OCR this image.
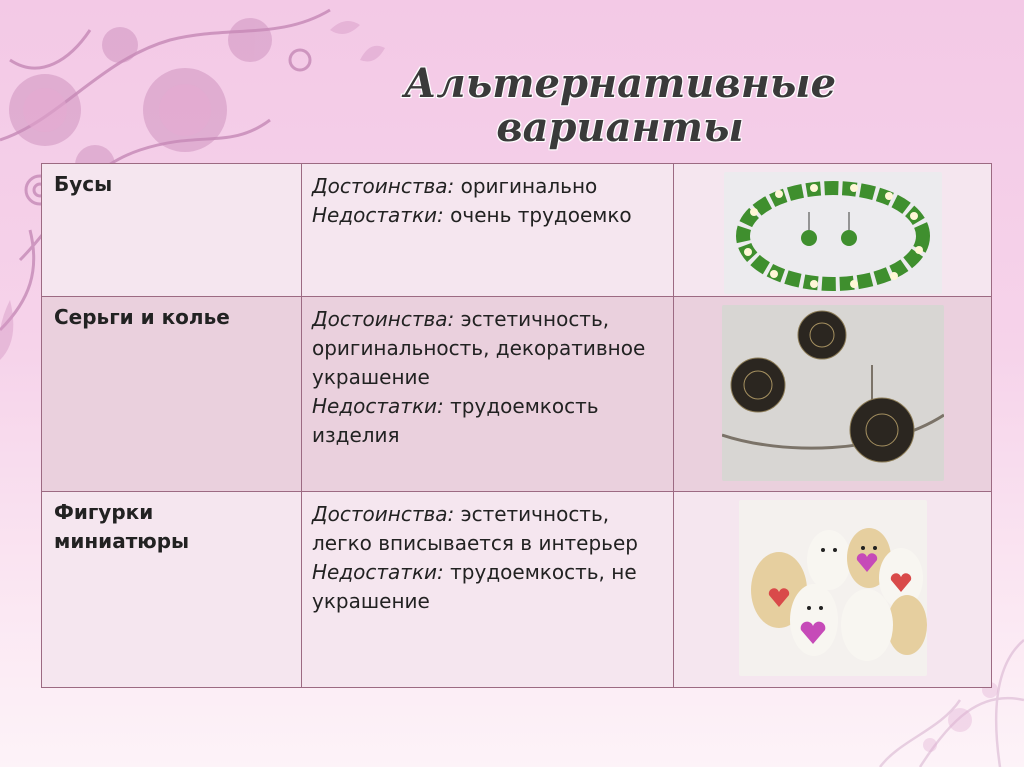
Альтернативные
варианты
Бусы	Достоинства: оригинально
Недостатки: очень трудоемко	

Серьги и колье	Достоинства: эстетичность, оригинальность, декоративное украшение
Недостатки: трудоемкость изделия	

Фигурки миниатюры	Достоинства: эстетичность, легко вписывается в интерьер
Недостатки: трудоемкость, не украшение	
